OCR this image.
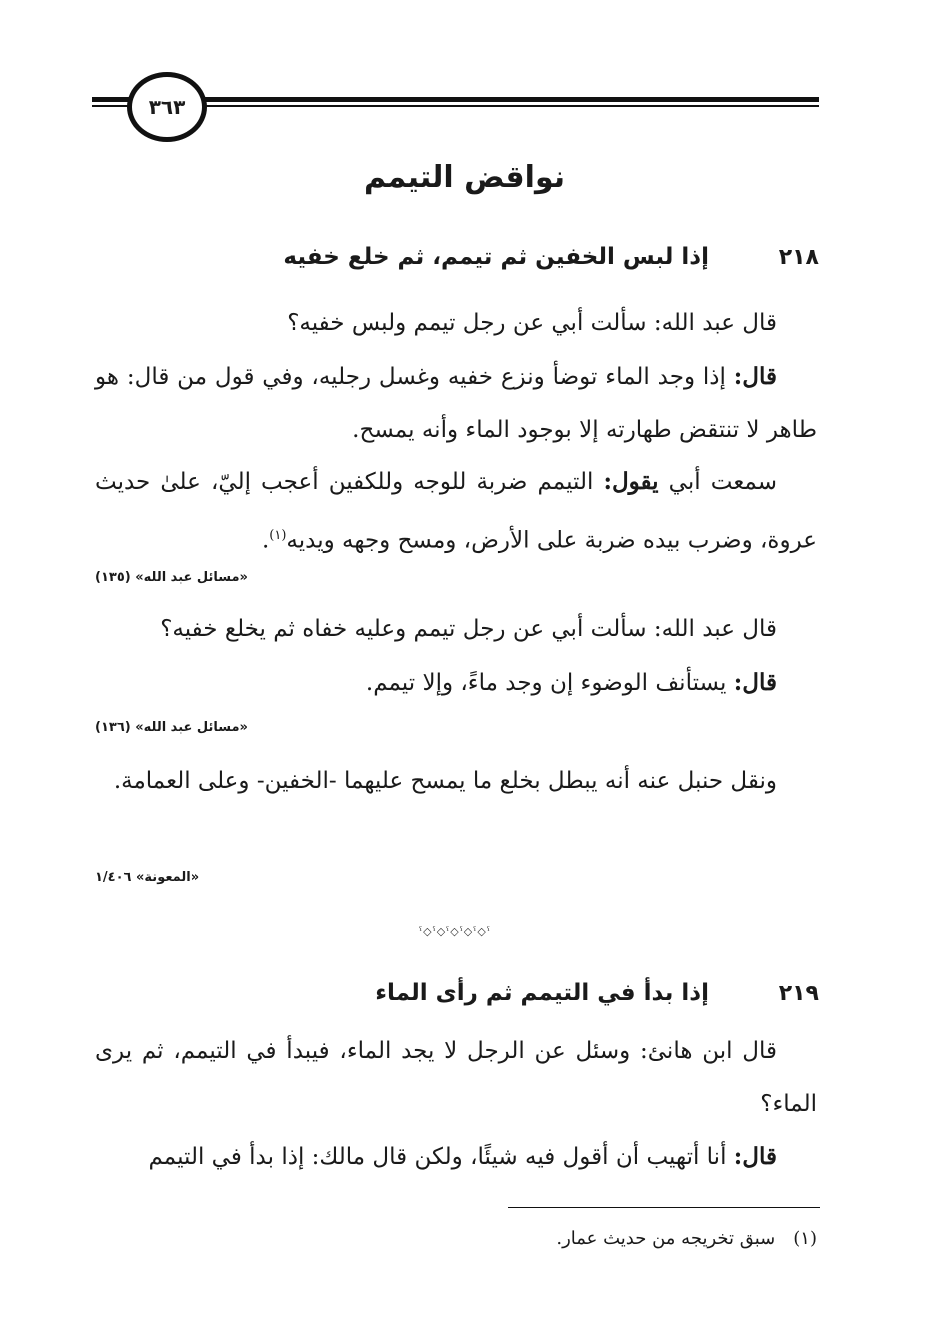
٣٦٣
نواقض التيمم
٢١٨
إذا لبس الخفين ثم تيمم، ثم خلع خفيه
قال عبد الله: سألت أبي عن رجل تيمم ولبس خفيه؟
قال: إذا وجد الماء توضأ ونزع خفيه وغسل رجليه، وفي قول من قال: هو طاهر لا تنتقض طهارته إلا بوجود الماء وأنه يمسح.
سمعت أبي يقول: التيمم ضربة للوجه وللكفين أعجب إليّ، علىٰ حديث عروة، وضرب بيده ضربة على الأرض، ومسح وجهه ويديه$^{(١)}$.
«مسائل عبد الله» (١٣٥)
قال عبد الله: سألت أبي عن رجل تيمم وعليه خفاه ثم يخلع خفيه؟
قال: يستأنف الوضوء إن وجد ماءً، وإلا تيمم.
«مسائل عبد الله» (١٣٦)
ونقل حنبل عنه أنه يبطل بخلع ما يمسح عليهما -الخفين- وعلى العمامة.
«المعونة» ١/٤٠٦
ˁ◇ˁ◇ˁ◇ˁ◇ˁ◇ˁ
٢١٩
إذا بدأ في التيمم ثم رأى الماء
قال ابن هانئ: وسئل عن الرجل لا يجد الماء، فيبدأ في التيمم، ثم يرى الماء؟
قال: أنا أتهيب أن أقول فيه شيئًا، ولكن قال مالك: إذا بدأ في التيمم
(١)سبق تخريجه من حديث عمار.
